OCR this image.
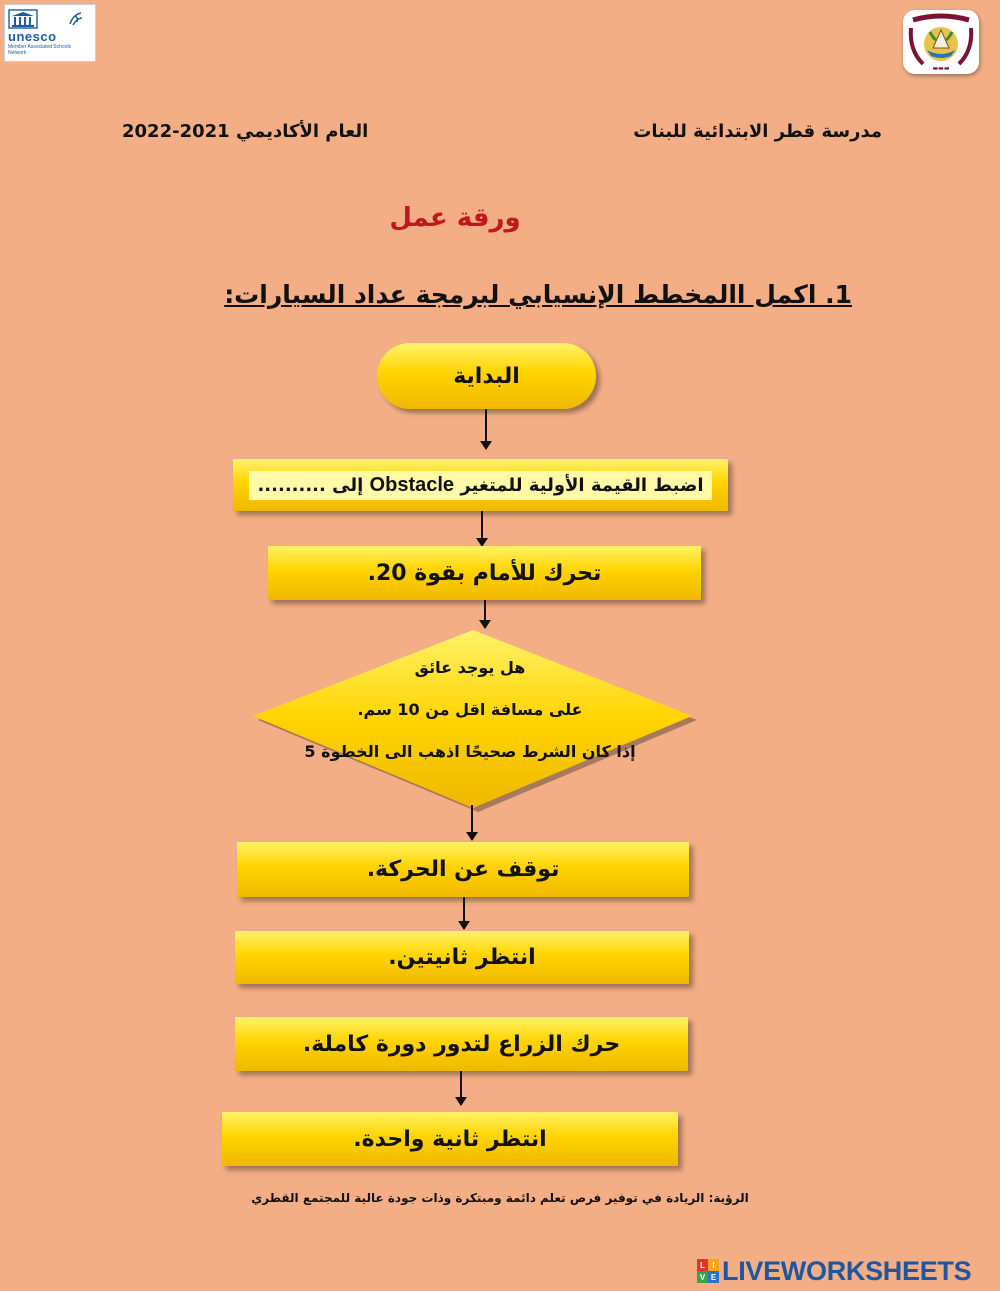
unesco
Member Associated Schools Network
▬▬▬
مدرسة قطر الابتدائية للبنات
العام الأكاديمي 2021-2022
ورقة عمل
1. اكمل االمخطط الإنسيابي لبرمجة عداد السيارات:
البداية
اضبط القيمة الأولية للمتغير Obstacle إلى ..........
تحرك للأمام بقوة 20.
هل يوجد عائق
على مسافة اقل من 10 سم.
إذا كان الشرط صحيحًا اذهب الى الخطوة 5
توقف عن الحركة.
انتظر ثانيتين.
حرك الزراع لتدور دورة كاملة.
انتظر ثانية واحدة.
الرؤية: الريادة في توفير فرص تعلم دائمة ومبتكرة وذات جودة عالية للمجتمع القطري
L I
V E LIVEWORKSHEETS
